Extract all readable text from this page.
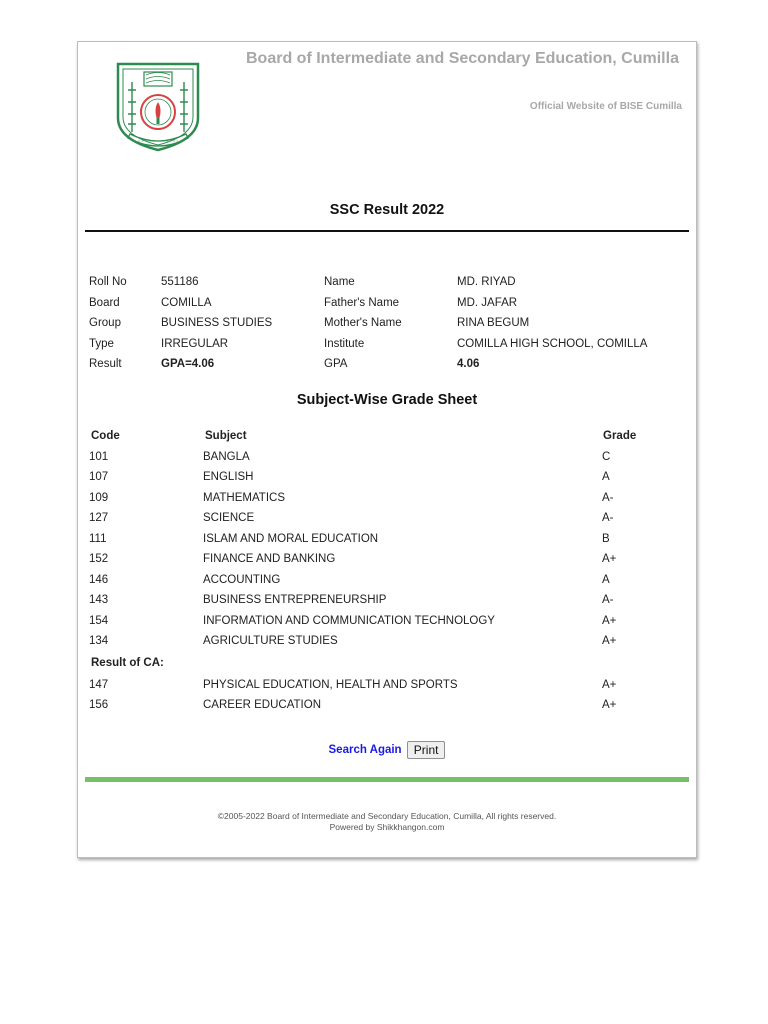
Board of Intermediate and Secondary Education, Cumilla
Official Website of BISE Cumilla
SSC Result 2022
Roll No	551186	Name	MD. RIYAD
Board	COMILLA	Father's Name	MD. JAFAR
Group	BUSINESS STUDIES	Mother's Name	RINA BEGUM
Type	IRREGULAR	Institute	COMILLA HIGH SCHOOL, COMILLA
Result	GPA=4.06	GPA	4.06
Subject-Wise Grade Sheet
Code	Subject	Grade
101	BANGLA	C
107	ENGLISH	A
109	MATHEMATICS	A-
127	SCIENCE	A-
111	ISLAM AND MORAL EDUCATION	B
152	FINANCE AND BANKING	A+
146	ACCOUNTING	A
143	BUSINESS ENTREPRENEURSHIP	A-
154	INFORMATION AND COMMUNICATION TECHNOLOGY	A+
134	AGRICULTURE STUDIES	A+
Result of CA:
147	PHYSICAL EDUCATION, HEALTH AND SPORTS	A+
156	CAREER EDUCATION	A+
Search Again Print
©2005-2022 Board of Intermediate and Secondary Education, Cumilla, All rights reserved.
Powered by Shikkhangon.com
